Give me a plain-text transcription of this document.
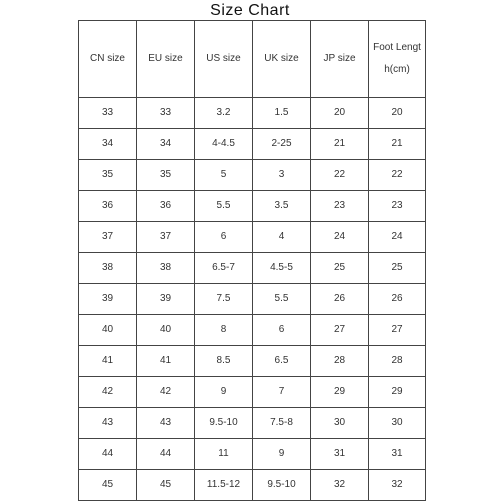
Size Chart
CN size	EU size	US size	UK size	JP size	Foot Length(cm)

33	33	3.2	1.5	20	20
34	34	4-4.5	2-25	21	21
35	35	5	3	22	22
36	36	5.5	3.5	23	23
37	37	6	4	24	24
38	38	6.5-7	4.5-5	25	25
39	39	7.5	5.5	26	26
40	40	8	6	27	27
41	41	8.5	6.5	28	28
42	42	9	7	29	29
43	43	9.5-10	7.5-8	30	30
44	44	11	9	31	31
45	45	11.5-12	9.5-10	32	32
